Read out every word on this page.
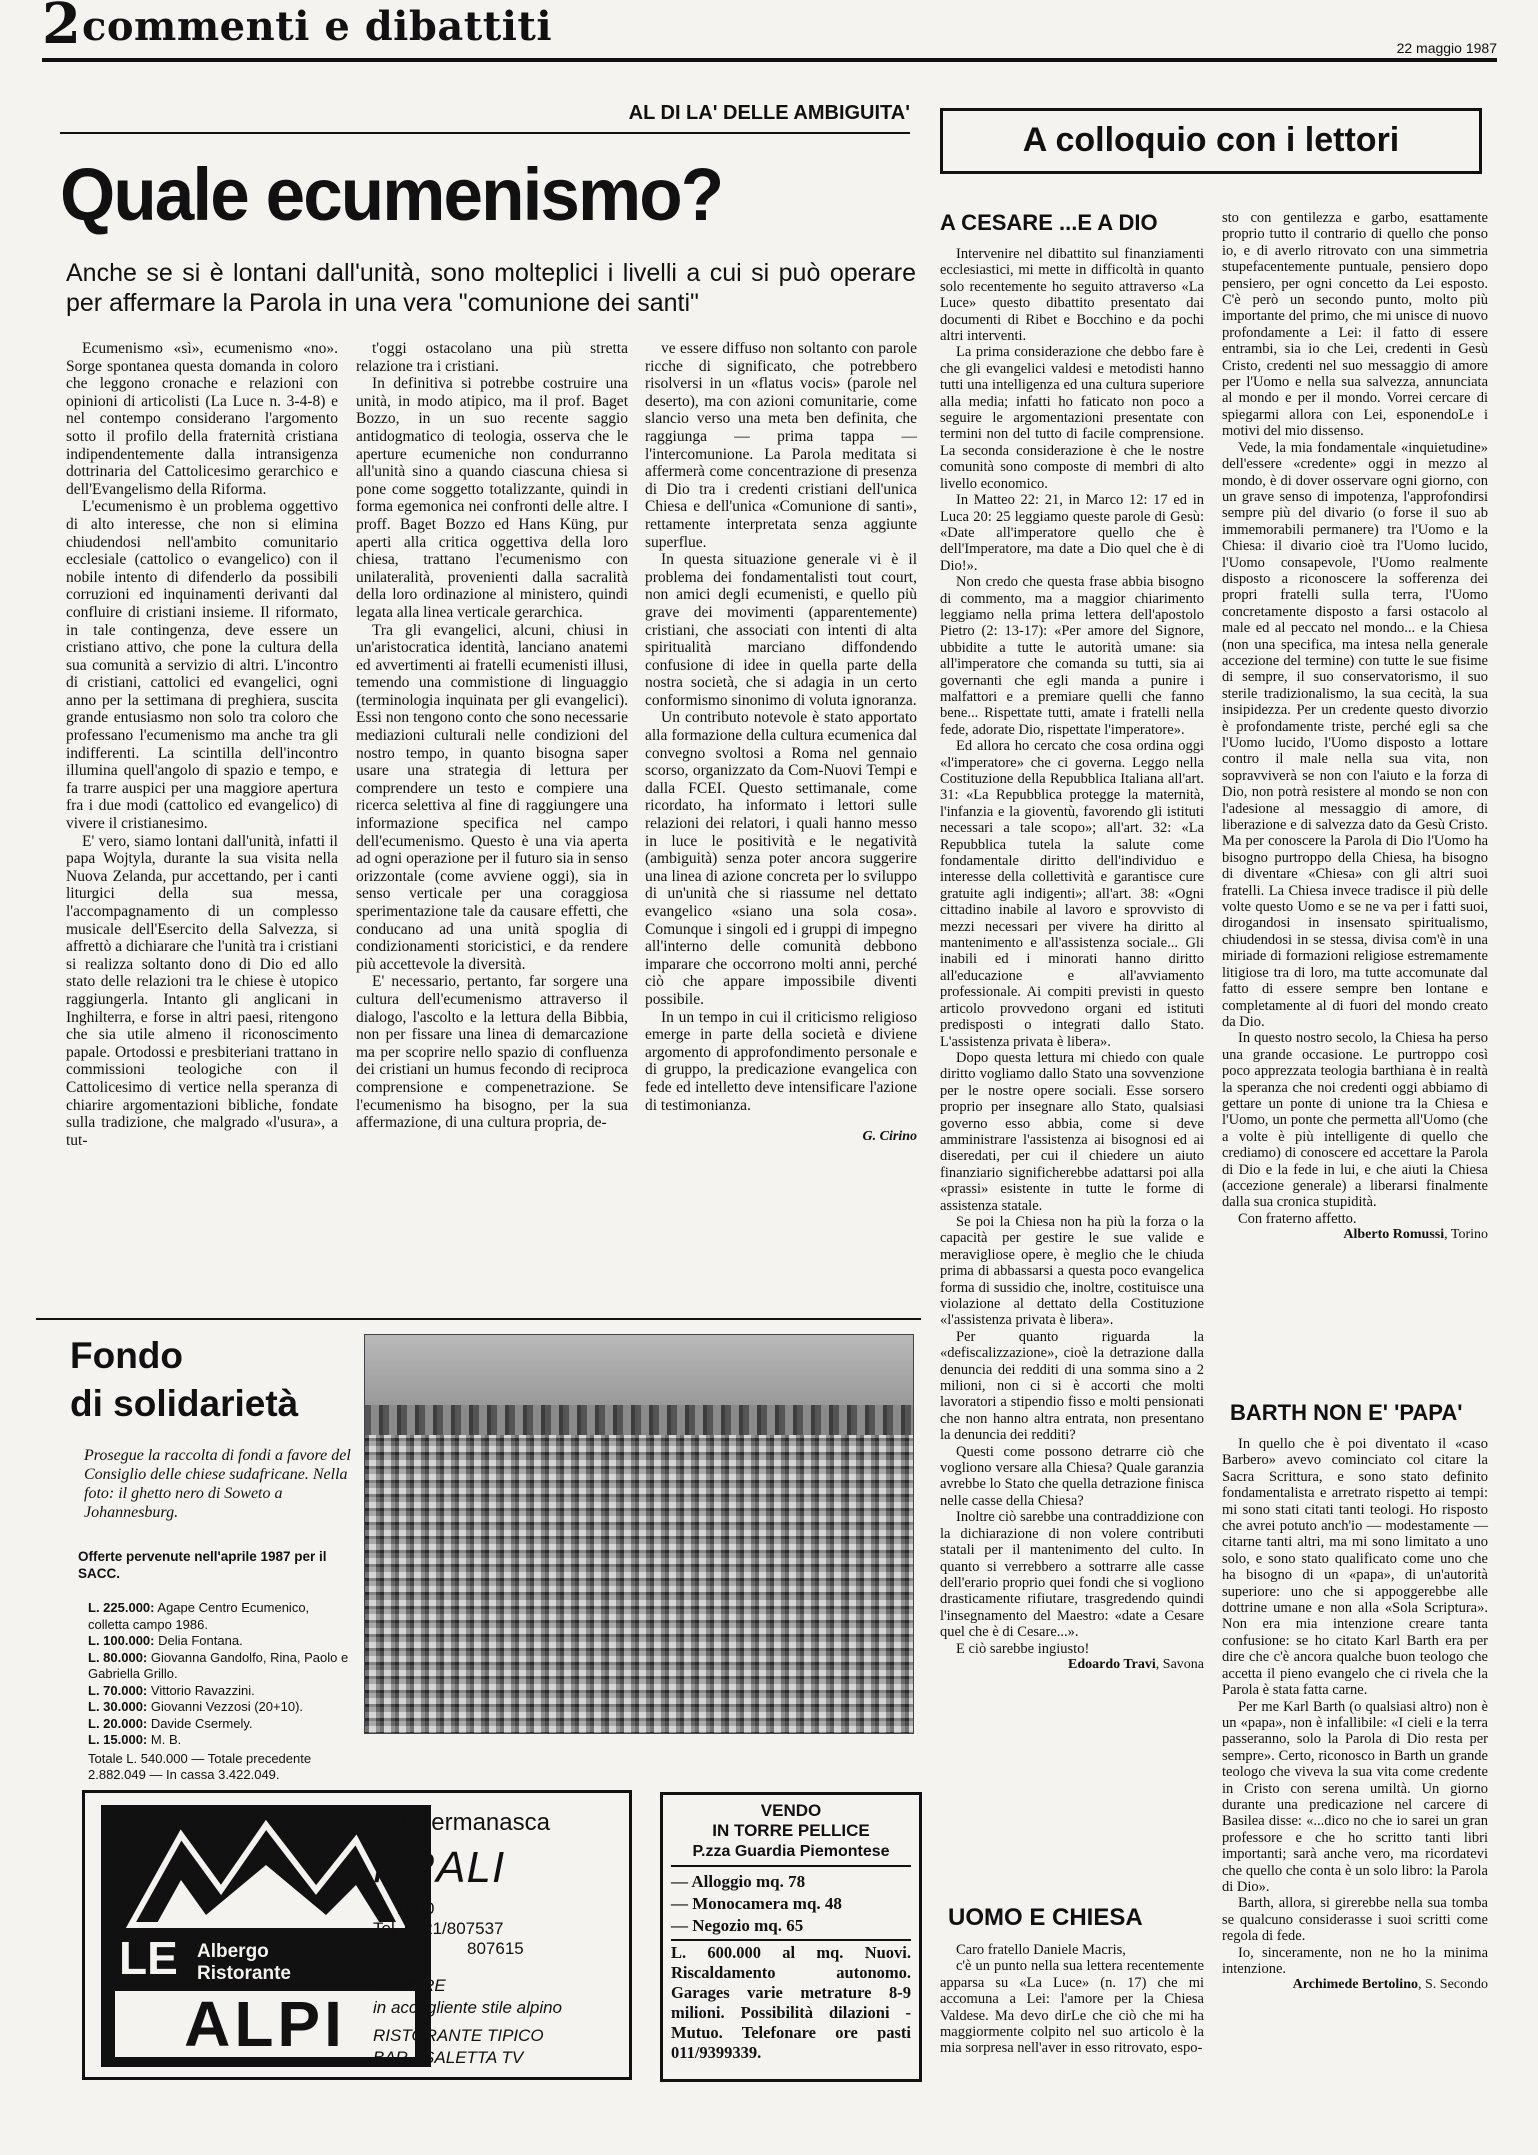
2 commenti e dibattiti	22 maggio 1987
AL DI LA' DELLE AMBIGUITA'
Quale ecumenismo?
Anche se si è lontani dall'unità, sono molteplici i livelli a cui si può operare per affermare la Parola in una vera "comunione dei santi"

Ecumenismo «sì», ecumenismo «no». Sorge spontanea questa domanda in coloro che leggono cronache e relazioni con opinioni di articolisti (La Luce n. 3-4-8) e nel contempo considerano l'argomento sotto il profilo della fraternità cristiana indipendentemente dalla intransigenza dottrinaria del Cattolicesimo gerarchico e dell'Evangelismo della Riforma.

L'ecumenismo è un problema oggettivo di alto interesse, che non si elimina chiudendosi nell'ambito comunitario ecclesiale (cattolico o evangelico) con il nobile intento di difenderlo da possibili corruzioni ed inquinamenti derivanti dal confluire di cristiani insieme. Il riformato, in tale contingenza, deve essere un cristiano attivo, che pone la cultura della sua comunità a servizio di altri. L'incontro di cristiani, cattolici ed evangelici, ogni anno per la settimana di preghiera, suscita grande entusiasmo non solo tra coloro che professano l'ecumenismo ma anche tra gli indifferenti. La scintilla dell'incontro illumina quell'angolo di spazio e tempo, e fa trarre auspici per una maggiore apertura fra i due modi (cattolico ed evangelico) di vivere il cristianesimo.

E' vero, siamo lontani dall'unità, infatti il papa Wojtyla, durante la sua visita nella Nuova Zelanda, pur accettando, per i canti liturgici della sua messa, l'accompagnamento di un complesso musicale dell'Esercito della Salvezza, si affrettò a dichiarare che l'unità tra i cristiani si realizza soltanto dono di Dio ed allo stato delle relazioni tra le chiese è utopico raggiungerla. Intanto gli anglicani in Inghilterra, e forse in altri paesi, ritengono che sia utile almeno il riconoscimento papale. Ortodossi e presbiteriani trattano in commissioni teologiche con il Cattolicesimo di vertice nella speranza di chiarire argomentazioni bibliche, fondate sulla tradizione, che malgrado «l'usura», a tut-

t'oggi ostacolano una più stretta relazione tra i cristiani.

In definitiva si potrebbe costruire una unità, in modo atipico, ma il prof. Baget Bozzo, in un suo recente saggio antidogmatico di teologia, osserva che le aperture ecumeniche non condurranno all'unità sino a quando ciascuna chiesa si pone come soggetto totalizzante, quindi in forma egemonica nei confronti delle altre. I proff. Baget Bozzo ed Hans Küng, pur aperti alla critica oggettiva della loro chiesa, trattano l'ecumenismo con unilateralità, provenienti dalla sacralità della loro ordinazione al ministero, quindi legata alla linea verticale gerarchica.

Tra gli evangelici, alcuni, chiusi in un'aristocratica identità, lanciano anatemi ed avvertimenti ai fratelli ecumenisti illusi, temendo una commistione di linguaggio (terminologia inquinata per gli evangelici). Essi non tengono conto che sono necessarie mediazioni culturali nelle condizioni del nostro tempo, in quanto bisogna saper usare una strategia di lettura per comprendere un testo e compiere una ricerca selettiva al fine di raggiungere una informazione specifica nel campo dell'ecumenismo. Questo è una via aperta ad ogni operazione per il futuro sia in senso orizzontale (come avviene oggi), sia in senso verticale per una coraggiosa sperimentazione tale da causare effetti, che conducano ad una unità spoglia di condizionamenti storicistici, e da rendere più accettevole la diversità.

E' necessario, pertanto, far sorgere una cultura dell'ecumenismo attraverso il dialogo, l'ascolto e la lettura della Bibbia, non per fissare una linea di demarcazione ma per scoprire nello spazio di confluenza dei cristiani un humus fecondo di reciproca comprensione e compenetrazione. Se l'ecumenismo ha bisogno, per la sua affermazione, di una cultura propria, de-

ve essere diffuso non soltanto con parole ricche di significato, che potrebbero risolversi in un «flatus vocis» (parole nel deserto), ma con azioni comunitarie, come slancio verso una meta ben definita, che raggiunga — prima tappa — l'intercomunione. La Parola meditata si affermerà come concentrazione di presenza di Dio tra i credenti cristiani dell'unica Chiesa e dell'unica «Comunione di santi», rettamente interpretata senza aggiunte superflue.

In questa situazione generale vi è il problema dei fondamentalisti tout court, non amici degli ecumenisti, e quello più grave dei movimenti (apparentemente) cristiani, che associati con intenti di alta spiritualità marciano diffondendo confusione di idee in quella parte della nostra società, che si adagia in un certo conformismo sinonimo di voluta ignoranza.

Un contributo notevole è stato apportato alla formazione della cultura ecumenica dal convegno svoltosi a Roma nel gennaio scorso, organizzato da Com-Nuovi Tempi e dalla FCEI. Questo settimanale, come ricordato, ha informato i lettori sulle relazioni dei relatori, i quali hanno messo in luce le positività e le negatività (ambiguità) senza poter ancora suggerire una linea di azione concreta per lo sviluppo di un'unità che si riassume nel dettato evangelico «siano una sola cosa». Comunque i singoli ed i gruppi di impegno all'interno delle comunità debbono imparare che occorrono molti anni, perché ciò che appare impossibile diventi possibile.

In un tempo in cui il criticismo religioso emerge in parte della società e diviene argomento di approfondimento personale e di gruppo, la predicazione evangelica con fede ed intelletto deve intensificare l'azione di testimonianza.

G. Cirino
Fondo
di solidarietà
Prosegue la raccolta di fondi a favore del Consiglio delle chiese sudafricane. Nella foto: il ghetto nero di Soweto a Johannesburg.
Offerte pervenute nell'aprile 1987 per il SACC.
L. 225.000: Agape Centro Ecumenico, colletta campo 1986.
L. 100.000: Delia Fontana.
L. 80.000: Giovanna Gandolfo, Rina, Paolo e Gabriella Grillo.
L. 70.000: Vittorio Ravazzini.
L. 30.000: Giovanni Vezzosi (20+10).
L. 20.000: Davide Csermely.
L. 15.000: M. B.
Totale L. 540.000 — Totale precedente 2.882.049 — In cassa 3.422.049.
LE Albergo
Ristorante
ALPI
Val Germanasca
PRALI
m. 1500
Tel. 0121/807537
807615
CAMERE
in accogliente stile alpino
RISTORANTE TIPICO
BAR - SALETTA TV
VENDO
IN TORRE PELLICE
P.zza Guardia Piemontese
— Alloggio mq. 78
— Monocamera mq. 48
— Negozio mq. 65
L. 600.000 al mq. Nuovi. Riscaldamento autonomo. Garages varie metrature 8-9 milioni. Possibilità dilazioni - Mutuo. Telefonare ore pasti 011/9399339.
A colloquio con i lettori
A CESARE ...E A DIO

Intervenire nel dibattito sul finanziamenti ecclesiastici, mi mette in difficoltà in quanto solo recentemente ho seguito attraverso «La Luce» questo dibattito presentato dai documenti di Ribet e Bocchino e da pochi altri interventi.

La prima considerazione che debbo fare è che gli evangelici valdesi e metodisti hanno tutti una intelligenza ed una cultura superiore alla media; infatti ho faticato non poco a seguire le argomentazioni presentate con termini non del tutto di facile comprensione. La seconda considerazione è che le nostre comunità sono composte di membri di alto livello economico.

In Matteo 22: 21, in Marco 12: 17 ed in Luca 20: 25 leggiamo queste parole di Gesù: «Date all'imperatore quello che è dell'Imperatore, ma date a Dio quel che è di Dio!».

Non credo che questa frase abbia bisogno di commento, ma a maggior chiarimento leggiamo nella prima lettera dell'apostolo Pietro (2: 13-17): «Per amore del Signore, ubbidite a tutte le autorità umane: sia all'imperatore che comanda su tutti, sia ai governanti che egli manda a punire i malfattori e a premiare quelli che fanno bene... Rispettate tutti, amate i fratelli nella fede, adorate Dio, rispettate l'imperatore».

Ed allora ho cercato che cosa ordina oggi «l'imperatore» che ci governa. Leggo nella Costituzione della Repubblica Italiana all'art. 31: «La Repubblica protegge la maternità, l'infanzia e la gioventù, favorendo gli istituti necessari a tale scopo»; all'art. 32: «La Repubblica tutela la salute come fondamentale diritto dell'individuo e interesse della collettività e garantisce cure gratuite agli indigenti»; all'art. 38: «Ogni cittadino inabile al lavoro e sprovvisto di mezzi necessari per vivere ha diritto al mantenimento e all'assistenza sociale... Gli inabili ed i minorati hanno diritto all'educazione e all'avviamento professionale. Ai compiti previsti in questo articolo provvedono organi ed istituti predisposti o integrati dallo Stato. L'assistenza privata è libera».

Dopo questa lettura mi chiedo con quale diritto vogliamo dallo Stato una sovvenzione per le nostre opere sociali. Esse sorsero proprio per insegnare allo Stato, qualsiasi governo esso abbia, come si deve amministrare l'assistenza ai bisognosi ed ai diseredati, per cui il chiedere un aiuto finanziario significherebbe adattarsi poi alla «prassi» esistente in tutte le forme di assistenza statale.

Se poi la Chiesa non ha più la forza o la capacità per gestire le sue valide e meravigliose opere, è meglio che le chiuda prima di abbassarsi a questa poco evangelica forma di sussidio che, inoltre, costituisce una violazione al dettato della Costituzione «l'assistenza privata è libera».

Per quanto riguarda la «defiscalizzazione», cioè la detrazione dalla denuncia dei redditi di una somma sino a 2 milioni, non ci si è accorti che molti lavoratori a stipendio fisso e molti pensionati che non hanno altra entrata, non presentano la denuncia dei redditi?

Questi come possono detrarre ciò che vogliono versare alla Chiesa? Quale garanzia avrebbe lo Stato che quella detrazione finisca nelle casse della Chiesa?

Inoltre ciò sarebbe una contraddizione con la dichiarazione di non volere contributi statali per il mantenimento del culto. In quanto si verrebbero a sottrarre alle casse dell'erario proprio quei fondi che si vogliono drasticamente rifiutare, trasgredendo quindi l'insegnamento del Maestro: «date a Cesare quel che è di Cesare...».

E ciò sarebbe ingiusto!

Edoardo Travi, Savona
UOMO E CHIESA

Caro fratello Daniele Macris,

c'è un punto nella sua lettera recentemente apparsa su «La Luce» (n. 17) che mi accomuna a Lei: l'amore per la Chiesa Valdese. Ma devo dirLe che ciò che mi ha maggiormente colpito nel suo articolo è la mia sorpresa nell'aver in esso ritrovato, espo-

sto con gentilezza e garbo, esattamente proprio tutto il contrario di quello che ponso io, e di averlo ritrovato con una simmetria stupefacentemente puntuale, pensiero dopo pensiero, per ogni concetto da Lei esposto. C'è però un secondo punto, molto più importante del primo, che mi unisce di nuovo profondamente a Lei: il fatto di essere entrambi, sia io che Lei, credenti in Gesù Cristo, credenti nel suo messaggio di amore per l'Uomo e nella sua salvezza, annunciata al mondo e per il mondo. Vorrei cercare di spiegarmi allora con Lei, esponendoLe i motivi del mio dissenso.

Vede, la mia fondamentale «inquietudine» dell'essere «credente» oggi in mezzo al mondo, è di dover osservare ogni giorno, con un grave senso di impotenza, l'approfondirsi sempre più del divario (o forse il suo ab immemorabili permanere) tra l'Uomo e la Chiesa: il divario cioè tra l'Uomo lucido, l'Uomo consapevole, l'Uomo realmente disposto a riconoscere la sofferenza dei propri fratelli sulla terra, l'Uomo concretamente disposto a farsi ostacolo al male ed al peccato nel mondo... e la Chiesa (non una specifica, ma intesa nella generale accezione del termine) con tutte le sue fisime di sempre, il suo conservatorismo, il suo sterile tradizionalismo, la sua cecità, la sua insipidezza. Per un credente questo divorzio è profondamente triste, perché egli sa che l'Uomo lucido, l'Uomo disposto a lottare contro il male nella sua vita, non sopravviverà se non con l'aiuto e la forza di Dio, non potrà resistere al mondo se non con l'adesione al messaggio di amore, di liberazione e di salvezza dato da Gesù Cristo. Ma per conoscere la Parola di Dio l'Uomo ha bisogno purtroppo della Chiesa, ha bisogno di diventare «Chiesa» con gli altri suoi fratelli. La Chiesa invece tradisce il più delle volte questo Uomo e se ne va per i fatti suoi, dirogandosi in insensato spiritualismo, chiudendosi in se stessa, divisa com'è in una miriade di formazioni religiose estremamente litigiose tra di loro, ma tutte accomunate dal fatto di essere sempre ben lontane e completamente al di fuori del mondo creato da Dio.

In questo nostro secolo, la Chiesa ha perso una grande occasione. Le purtroppo così poco apprezzata teologia barthiana è in realtà la speranza che noi credenti oggi abbiamo di gettare un ponte di unione tra la Chiesa e l'Uomo, un ponte che permetta all'Uomo (che a volte è più intelligente di quello che crediamo) di conoscere ed accettare la Parola di Dio e la fede in lui, e che aiuti la Chiesa (accezione generale) a liberarsi finalmente dalla sua cronica stupidità.

Con fraterno affetto.

Alberto Romussi, Torino
BARTH NON E' 'PAPA'

In quello che è poi diventato il «caso Barbero» avevo cominciato col citare la Sacra Scrittura, e sono stato definito fondamentalista e arretrato rispetto ai tempi: mi sono stati citati tanti teologi. Ho risposto che avrei potuto anch'io — modestamente — citarne tanti altri, ma mi sono limitato a uno solo, e sono stato qualificato come uno che ha bisogno di un «papa», di un'autorità superiore: uno che si appoggerebbe alle dottrine umane e non alla «Sola Scriptura». Non era mia intenzione creare tanta confusione: se ho citato Karl Barth era per dire che c'è ancora qualche buon teologo che accetta il pieno evangelo che ci rivela che la Parola è stata fatta carne.

Per me Karl Barth (o qualsiasi altro) non è un «papa», non è infallibile: «I cieli e la terra passeranno, solo la Parola di Dio resta per sempre». Certo, riconosco in Barth un grande teologo che viveva la sua vita come credente in Cristo con serena umiltà. Un giorno durante una predicazione nel carcere di Basilea disse: «...dico no che io sarei un gran professore e che ho scritto tanti libri importanti; sarà anche vero, ma ricordatevi che quello che conta è un solo libro: la Parola di Dio».

Barth, allora, si girerebbe nella sua tomba se qualcuno considerasse i suoi scritti come regola di fede.

Io, sinceramente, non ne ho la minima intenzione.

Archimede Bertolino, S. Secondo
